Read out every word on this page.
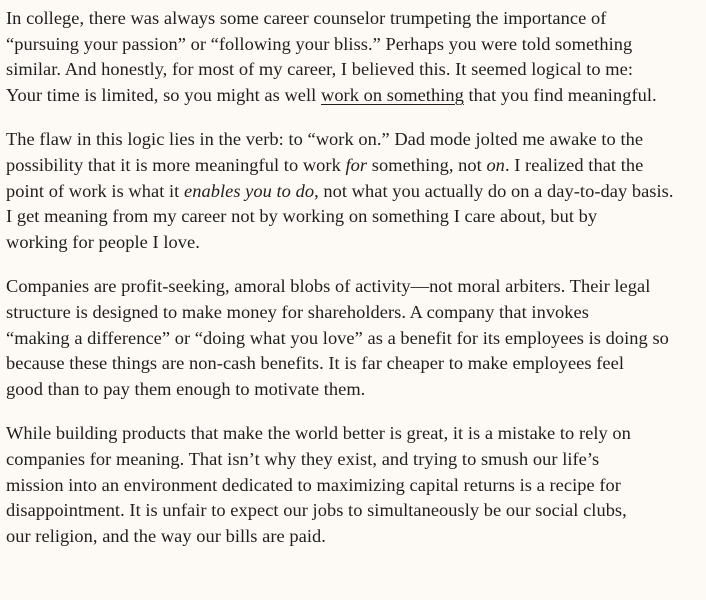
In college, there was always some career counselor trumpeting the importance of
“pursuing your passion” or “following your bliss.” Perhaps you were told something
similar. And honestly, for most of my career, I believed this. It seemed logical to me:
Your time is limited, so you might as well work on something that you find meaningful.

The flaw in this logic lies in the verb: to “work on.” Dad mode jolted me awake to the
possibility that it is more meaningful to work for something, not on. I realized that the
point of work is what it enables you to do, not what you actually do on a day-to-day basis.
I get meaning from my career not by working on something I care about, but by
working for people I love.

Companies are profit-seeking, amoral blobs of activity—not moral arbiters. Their legal
structure is designed to make money for shareholders. A company that invokes
“making a difference” or “doing what you love” as a benefit for its employees is doing so
because these things are non-cash benefits. It is far cheaper to make employees feel
good than to pay them enough to motivate them.

While building products that make the world better is great, it is a mistake to rely on
companies for meaning. That isn’t why they exist, and trying to smush our life’s
mission into an environment dedicated to maximizing capital returns is a recipe for
disappointment. It is unfair to expect our jobs to simultaneously be our social clubs,
our religion, and the way our bills are paid.
